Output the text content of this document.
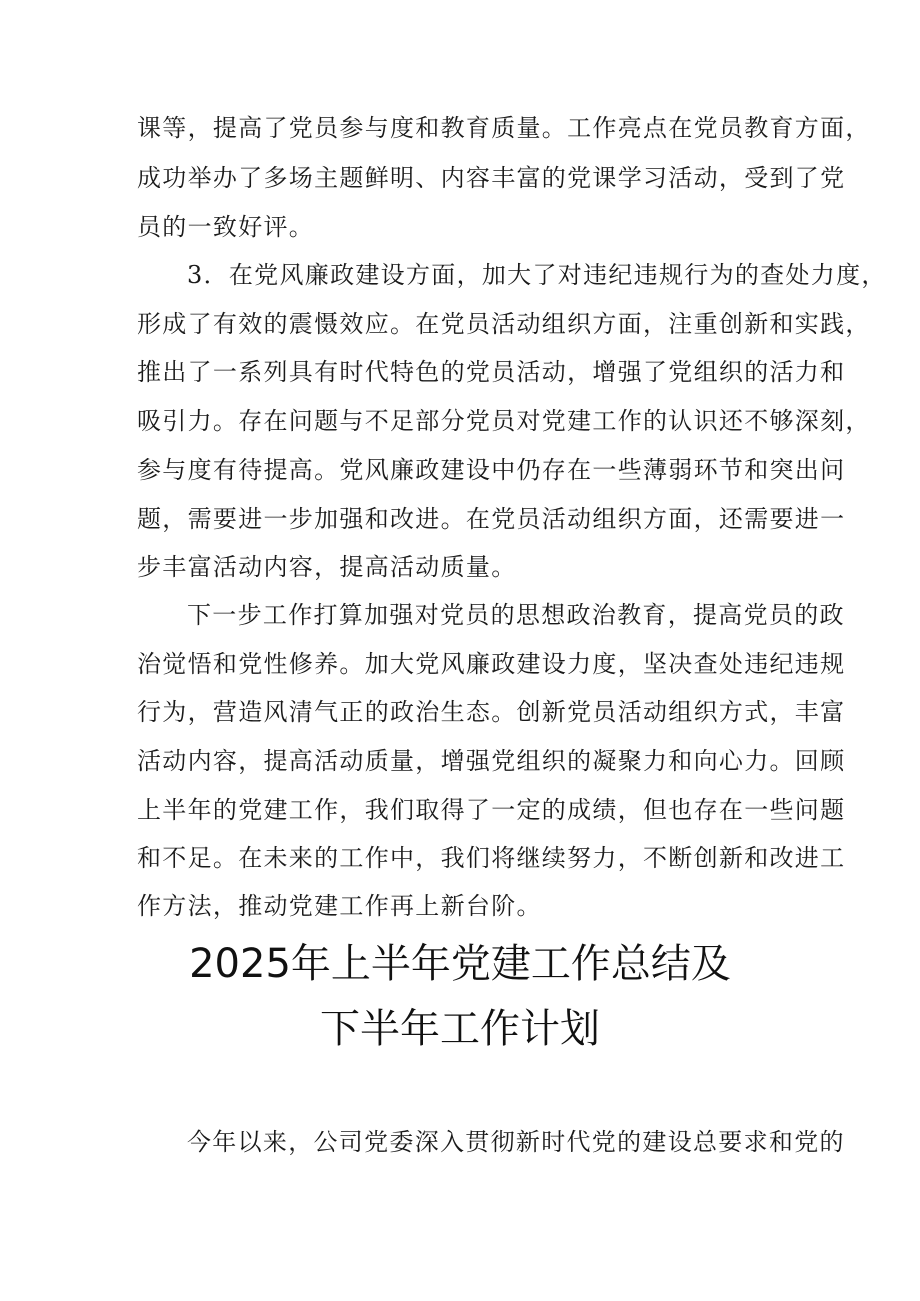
课等，提高了党员参与度和教育质量。工作亮点在党员教育方面，
成功举办了多场主题鲜明、内容丰富的党课学习活动，受到了党
员的一致好评。
3．在党风廉政建设方面，加大了对违纪违规行为的查处力度，
形成了有效的震慑效应。在党员活动组织方面，注重创新和实践，
推出了一系列具有时代特色的党员活动，增强了党组织的活力和
吸引力。存在问题与不足部分党员对党建工作的认识还不够深刻，
参与度有待提高。党风廉政建设中仍存在一些薄弱环节和突出问
题，需要进一步加强和改进。在党员活动组织方面，还需要进一
步丰富活动内容，提高活动质量。
下一步工作打算加强对党员的思想政治教育，提高党员的政
治觉悟和党性修养。加大党风廉政建设力度，坚决查处违纪违规
行为，营造风清气正的政治生态。创新党员活动组织方式，丰富
活动内容，提高活动质量，增强党组织的凝聚力和向心力。回顾
上半年的党建工作，我们取得了一定的成绩，但也存在一些问题
和不足。在未来的工作中，我们将继续努力，不断创新和改进工
作方法，推动党建工作再上新台阶。
2025年上半年党建工作总结及
下半年工作计划
今年以来，公司党委深入贯彻新时代党的建设总要求和党的
